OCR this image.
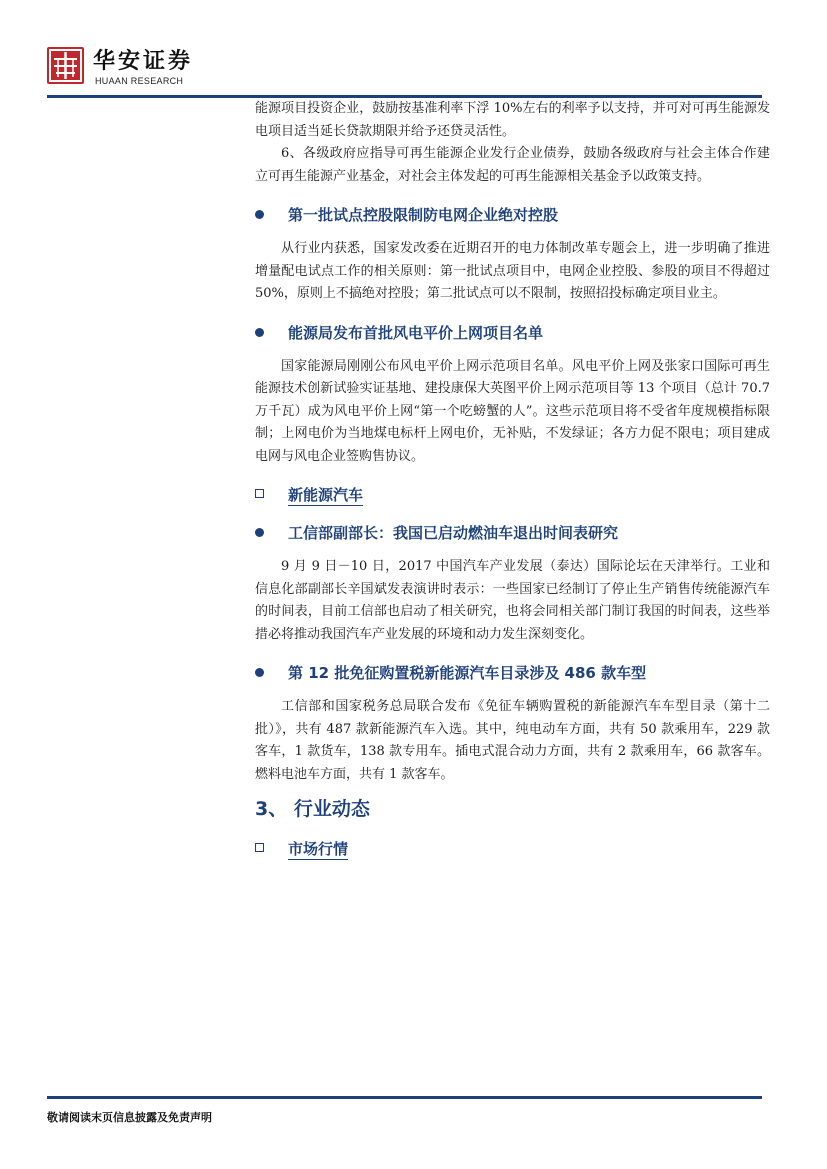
华安证券
HUAAN RESEARCH

能源项目投资企业，鼓励按基准利率下浮 10%左右的利率予以支持，并可对可再生能源发电项目适当延长贷款期限并给予还贷灵活性。

6、各级政府应指导可再生能源企业发行企业债券，鼓励各级政府与社会主体合作建立可再生能源产业基金，对社会主体发起的可再生能源相关基金予以政策支持。

第一批试点控股限制防电网企业绝对控股

从行业内获悉，国家发改委在近期召开的电力体制改革专题会上，进一步明确了推进增量配电试点工作的相关原则：第一批试点项目中，电网企业控股、参股的项目不得超过 50%，原则上不搞绝对控股；第二批试点可以不限制，按照招投标确定项目业主。

能源局发布首批风电平价上网项目名单

国家能源局刚刚公布风电平价上网示范项目名单。风电平价上网及张家口国际可再生能源技术创新试验实证基地、建投康保大英图平价上网示范项目等 13 个项目（总计 70.7 万千瓦）成为风电平价上网“第一个吃螃蟹的人”。这些示范项目将不受省年度规模指标限制；上网电价为当地煤电标杆上网电价，无补贴，不发绿证；各方力促不限电；项目建成电网与风电企业签购售协议。

新能源汽车
工信部副部长：我国已启动燃油车退出时间表研究

9 月 9 日－10 日，2017 中国汽车产业发展（泰达）国际论坛在天津举行。工业和信息化部副部长辛国斌发表演讲时表示：一些国家已经制订了停止生产销售传统能源汽车的时间表，目前工信部也启动了相关研究，也将会同相关部门制订我国的时间表，这些举措必将推动我国汽车产业发展的环境和动力发生深刻变化。

第 12 批免征购置税新能源汽车目录涉及 486 款车型

工信部和国家税务总局联合发布《免征车辆购置税的新能源汽车车型目录（第十二批）》，共有 487 款新能源汽车入选。其中，纯电动车方面，共有 50 款乘用车，229 款客车，1 款货车，138 款专用车。插电式混合动力方面，共有 2 款乘用车，66 款客车。燃料电池车方面，共有 1 款客车。

3、 行业动态
市场行情
敬请阅读末页信息披露及免责声明
